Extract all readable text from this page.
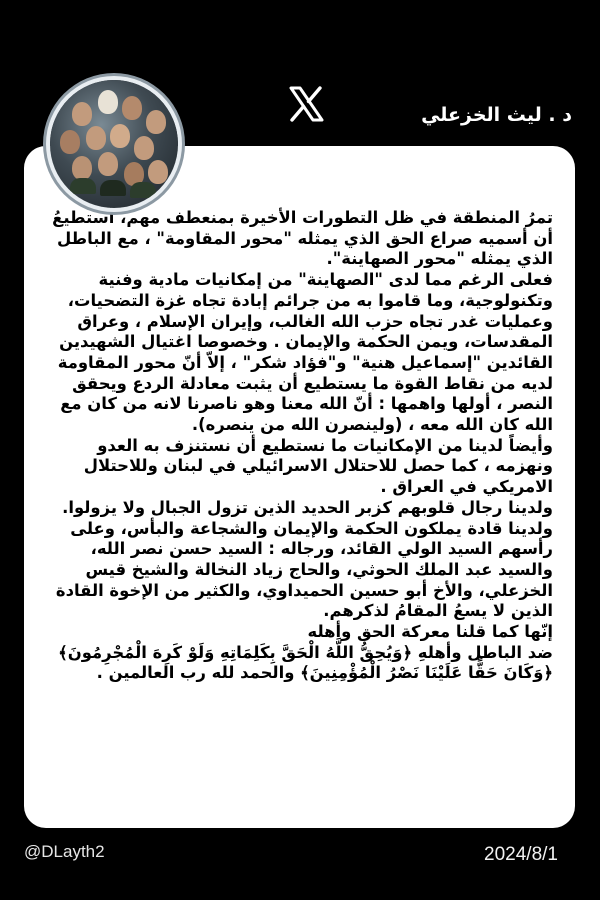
د . ليث الخزعلي

تمرُ المنطقة في ظل التطورات الأخيرة بمنعطف مهم، أستطيعُ أن أسميه صراع الحق الذي يمثله "محور المقاومة" ، مع الباطل الذي يمثله "محور الصهاينة".
فعلى الرغم مما لدى "الصهاينة" من إمكانيات مادية وفنية وتكنولوجية، وما قاموا به من جرائم إبادة تجاه غزة التضحيات، وعمليات غدر تجاه حزب الله الغالب، وإيران الإسلام ، وعراق المقدسات، ويمن الحكمة والإيمان . وخصوصا اغتيال الشهيدين القائدين "إسماعيل هنية" و"فؤاد شكر" ، إلاّ أنّ محور المقاومة لديه من نقاط القوة ما يستطيع أن يثبت معادلة الردع ويحقق النصر ، أولها واهمها : أنّ الله معنا وهو ناصرنا لانه من كان مع الله كان الله معه ، (ولينصرن الله من ينصره).
وأيضاً لدينا من الإمكانيات ما نستطيع أن نستنزف به العدو ونهزمه ، كما حصل للاحتلال الاسرائيلي في لبنان وللاحتلال الامريكي في العراق .
ولدينا رجال قلوبهم كزبر الحديد الذين تزول الجبال ولا يزولوا.
ولدينا قادة يملكون الحكمة والإيمان والشجاعة والبأس، وعلى رأسهم السيد الولي القائد، ورجاله : السيد حسن نصر الله، والسيد عبد الملك الحوثي، والحاج زياد النخالة والشيخ قيس الخزعلي، والأخ أبو حسين الحميداوي، والكثير من الإخوة القادة الذين لا يسعُ المقامُ لذكرهم.
إنّها كما قلنا معركة الحق وأهله
ضد الباطل وأهلهِ ﴿وَيُحِقُّ اللَّهُ الْحَقَّ بِكَلِمَاتِهِ وَلَوْ كَرِهَ الْمُجْرِمُونَ﴾ ﴿وَكَانَ حَقًّا عَلَيْنَا نَصْرُ الْمُؤْمِنِينَ﴾ والحمد لله رب العالمين .

@DLayth2	2024/8/1
